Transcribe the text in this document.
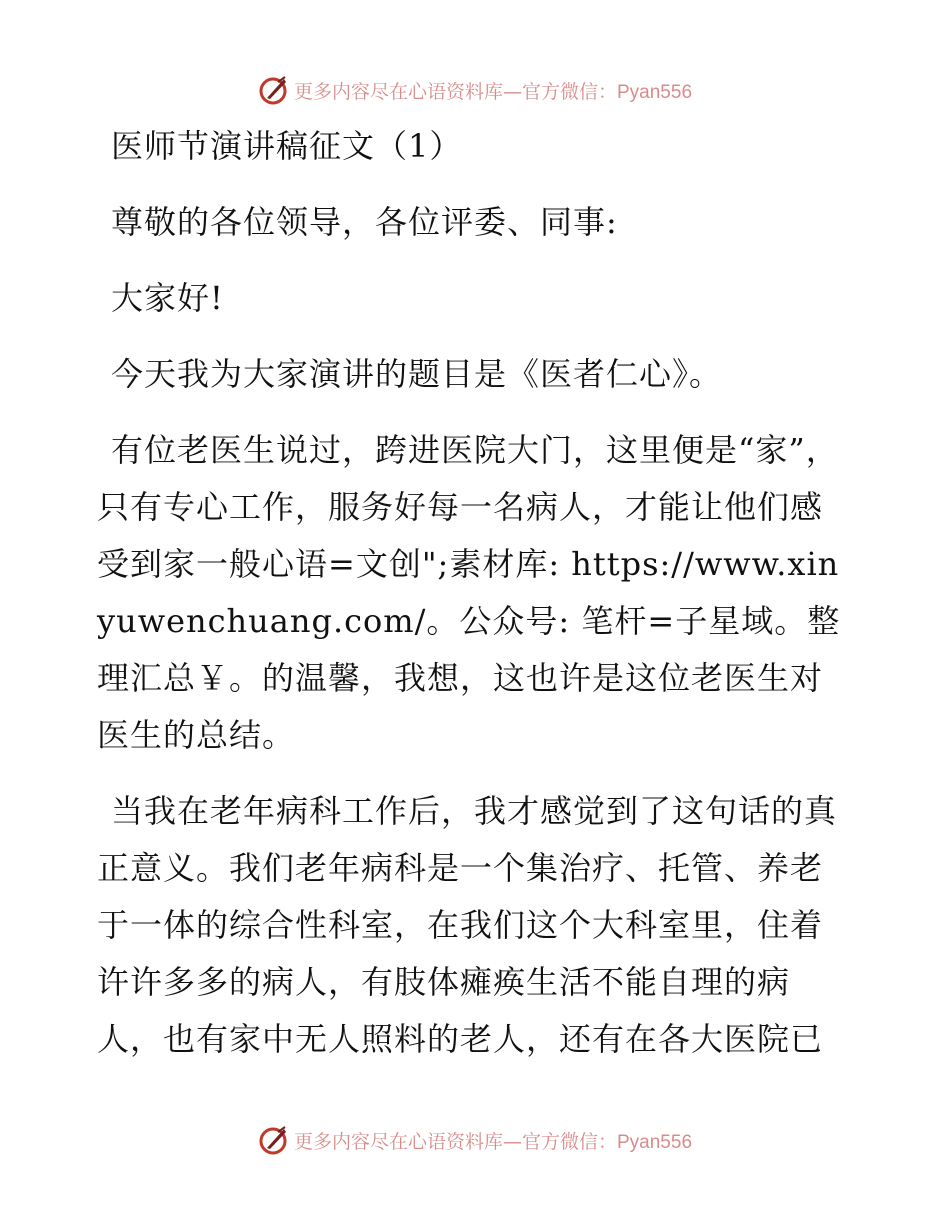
更多内容尽在心语资料库—官方微信：Pyan556

医师节演讲稿征文（1）

尊敬的各位领导，各位评委、同事:

大家好!

今天我为大家演讲的题目是《医者仁心》。

有位老医生说过，跨进医院大门，这里便是“家”，只有专心工作，服务好每一名病人，才能让他们感受到家一般心语=文创";素材库: https://www.xinyuwenchuang.com/。公众号: 笔杆=子星域。整理汇总￥。的温馨，我想，这也许是这位老医生对医生的总结。

当我在老年病科工作后，我才感觉到了这句话的真正意义。我们老年病科是一个集治疗、托管、养老于一体的综合性科室，在我们这个大科室里，住着许许多多的病人，有肢体瘫痪生活不能自理的病人，也有家中无人照料的老人，还有在各大医院已

更多内容尽在心语资料库—官方微信：Pyan556
